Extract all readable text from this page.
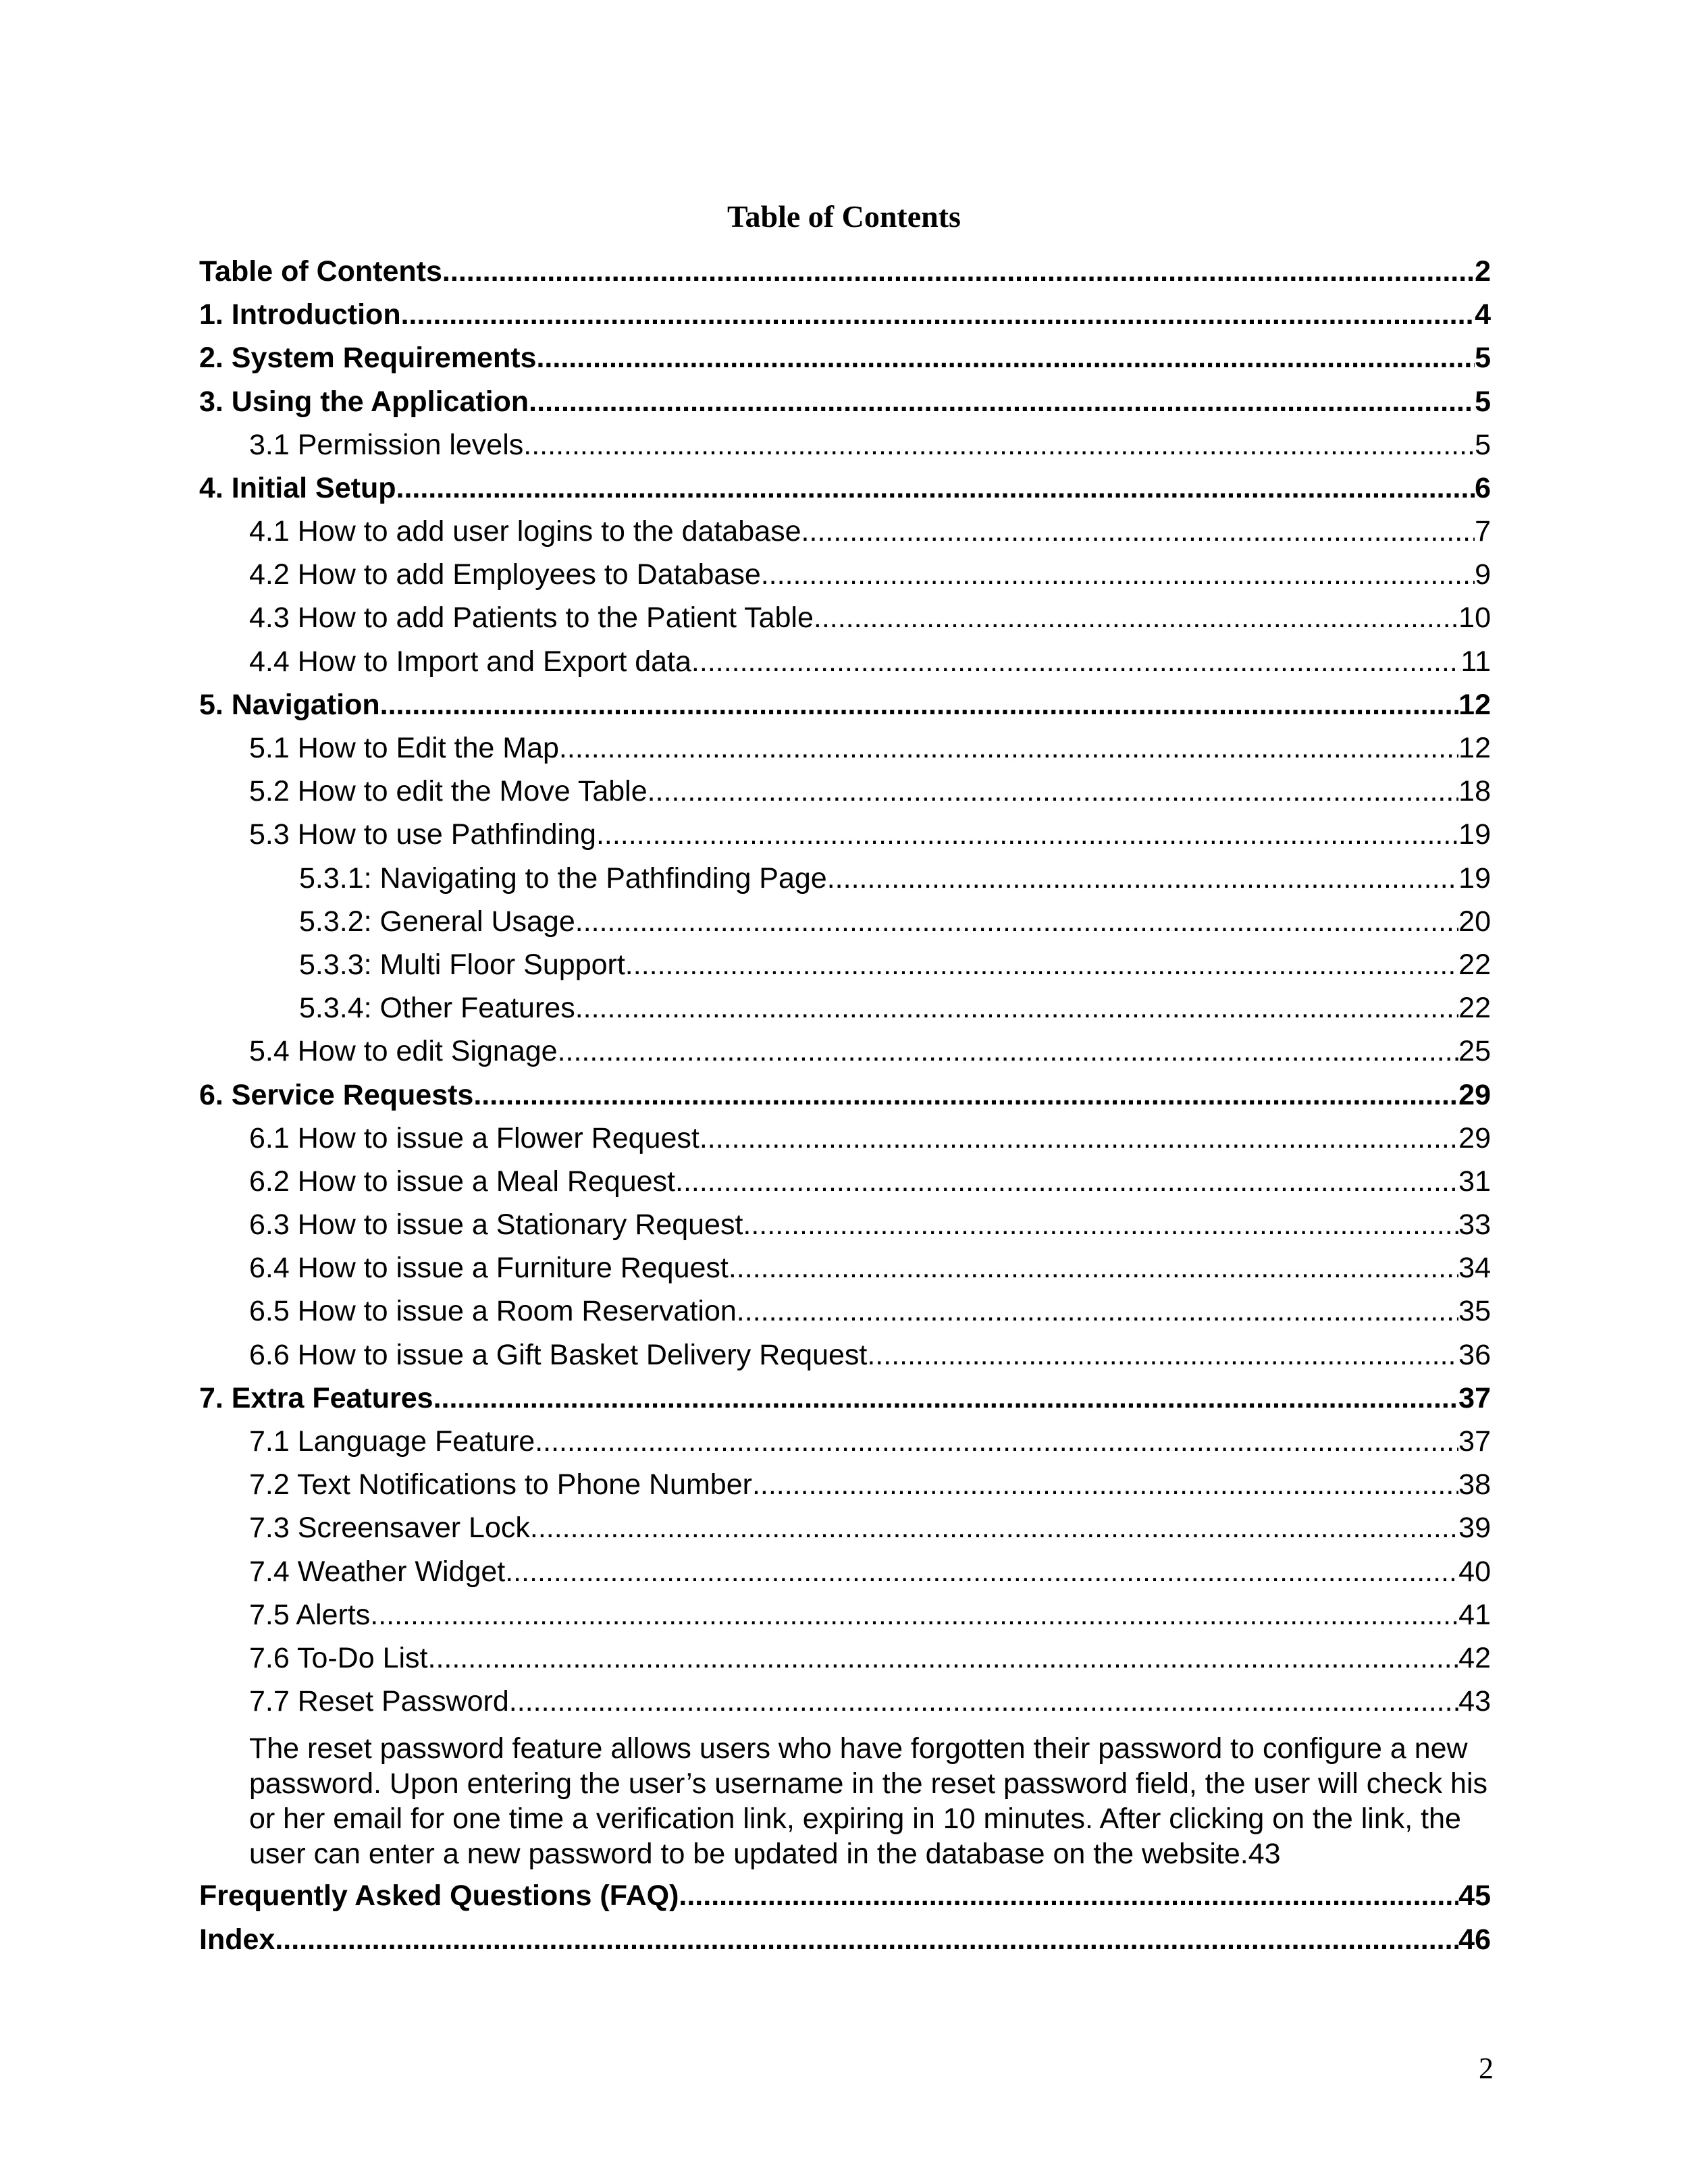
Table of Contents
Table of Contents .....	2
1. Introduction .....	4
2. System Requirements .....	5
3. Using the Application .....	5
3.1 Permission levels .....	5
4. Initial Setup .....	6
4.1 How to add user logins to the database .....	7
4.2 How to add Employees to Database .....	9
4.3 How to add Patients to the Patient Table .....	10
4.4 How to Import and Export data .....	11
5. Navigation .....	12
5.1 How to Edit the Map .....	12
5.2 How to edit the Move Table .....	18
5.3 How to use Pathfinding .....	19
5.3.1: Navigating to the Pathfinding Page .....	19
5.3.2: General Usage .....	20
5.3.3: Multi Floor Support .....	22
5.3.4: Other Features .....	22
5.4 How to edit Signage .....	25
6. Service Requests .....	29
6.1 How to issue a Flower Request .....	29
6.2 How to issue a Meal Request .....	31
6.3 How to issue a Stationary Request .....	33
6.4 How to issue a Furniture Request .....	34
6.5 How to issue a Room Reservation .....	35
6.6 How to issue a Gift Basket Delivery Request .....	36
7. Extra Features .....	37
7.1 Language Feature .....	37
7.2 Text Notifications to Phone Number .....	38
7.3 Screensaver Lock .....	39
7.4 Weather Widget .....	40
7.5 Alerts .....	41
7.6 To-Do List .....	42
7.7 Reset Password .....	43
The reset password feature allows users who have forgotten their password to configure a new password. Upon entering the user’s username in the reset password field, the user will check his or her email for one time a verification link, expiring in 10 minutes. After clicking on the link, the user can enter a new password to be updated in the database on the website.43
Frequently Asked Questions (FAQ) .....	45
Index .....	46
2
